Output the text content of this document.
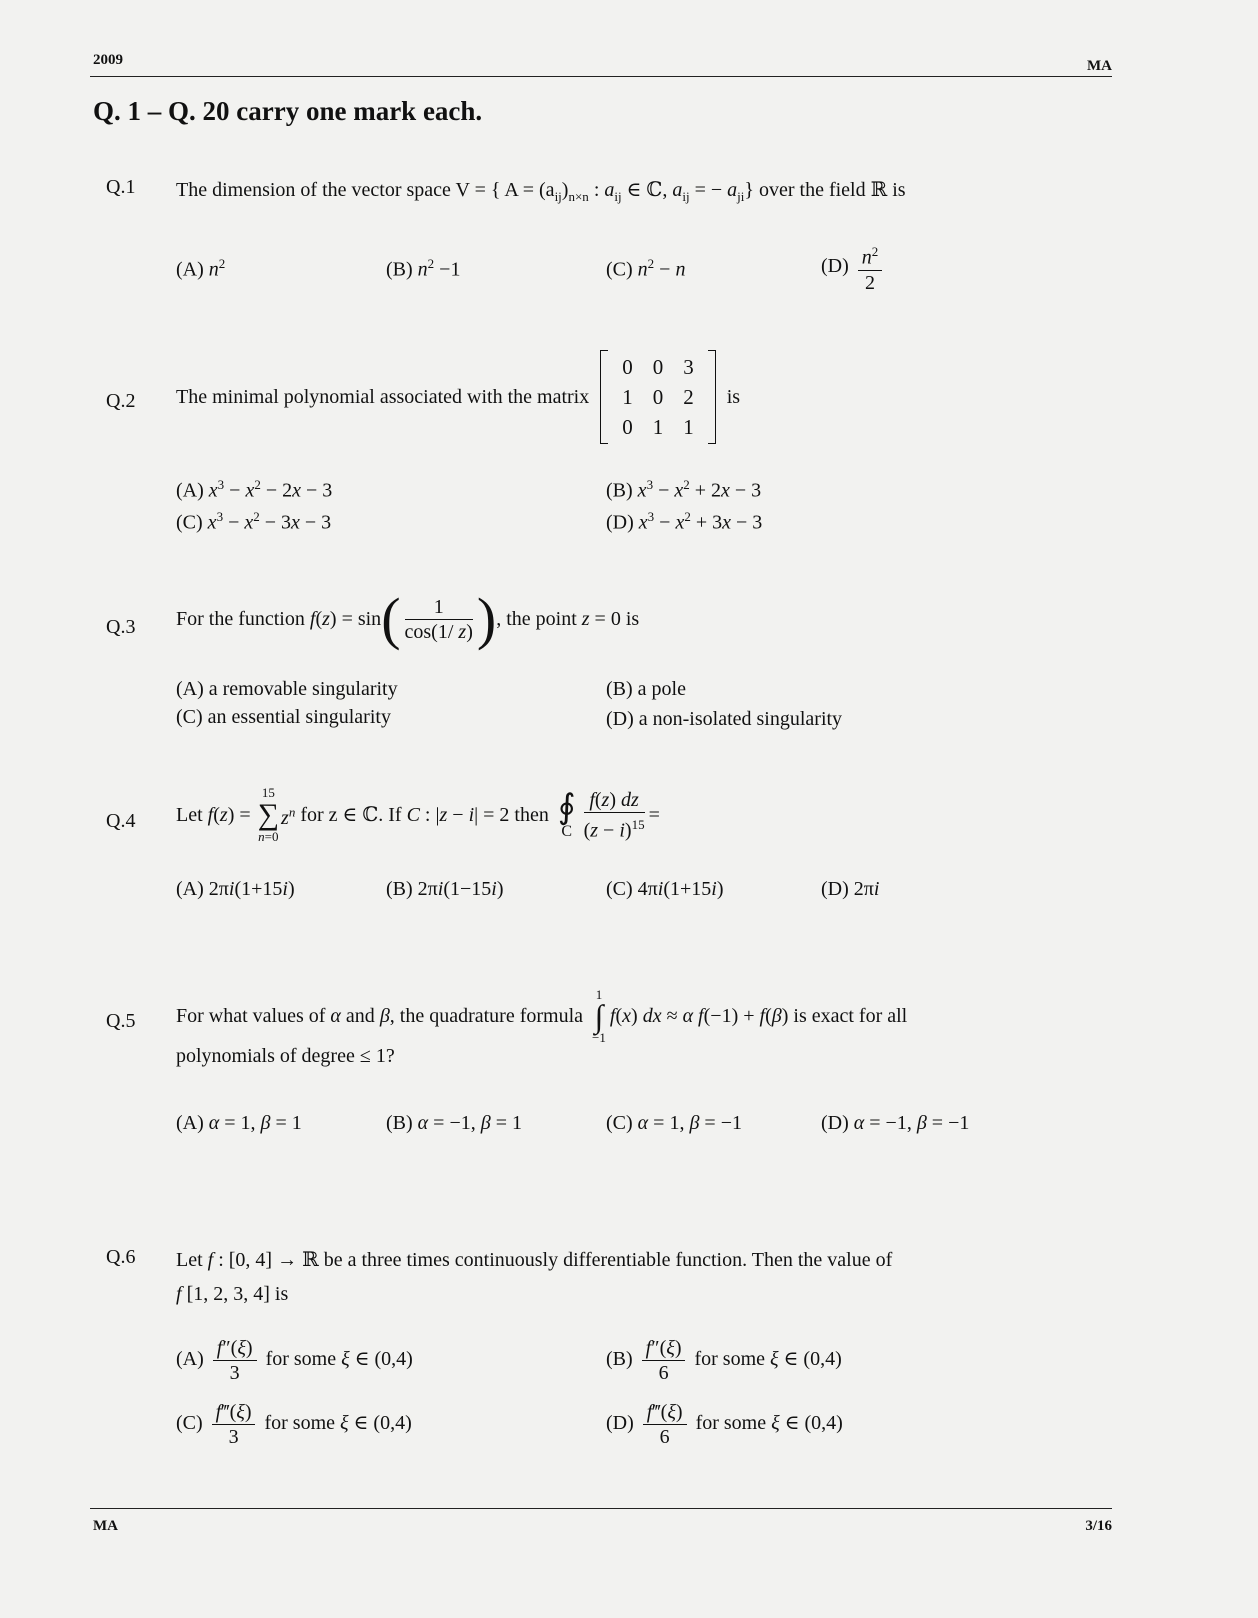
2009	MA
Q. 1 – Q. 20 carry one mark each.
Q.1 The dimension of the vector space V = { $A = (a_{ij})_{n\times n}$ : $a_{ij}$ ∈ ℂ, $a_{ij}$ = − $a_{ji}$} over the field ℝ is
(A) $n^2$	(B) $n^2 -1$	(C) $n^2 - n$	$(D) \frac{n^2}{2}$
Q.2 The minimal polynomial associated with the matrix
0	0	3
1	0	2
0	1	1
is
(A) $x^3 - x^2 - 2x - 3$	(B) $x^3 - x^2 + 2x - 3$
(C) $x^3 - x^2 - 3x - 3$	(D) $x^3 - x^2 + 3x - 3$
Q.3 For the function $f(z) = \sin( \frac{1}{\cos(1/ z)}$ ), the point z = 0 is
(A) a removable singularity	(B) a pole
(C) an essential singularity	(D) a non-isolated singularity
Q.4 Let f(z) =
15
∑
n=0
$z^n$ for z ∈ ℂ. If C : |z − i| = 2 then ∮
C $\frac{f(z) dz}{(z - i)^{15}}$ =
(A) 2πi(1+15i)	(B) 2πi(1−15i)	(C) 4πi(1+15i)	(D) 2πi
Q.5 For what values of α and β, the quadrature formula
1
∫
−1
f(x) dx ≈ α f(−1) + f(β) is exact for all
polynomials of degree ≤ 1?
(A) α = 1, β = 1	(B) α = −1, β = 1	(C) α = 1, β = −1	(D) α = −1, β = −1
Q.6 Let f : [0, 4] → ℝ be a three times continuously differentiable function. Then the value of
f [1, 2, 3, 4] is
$(A) \frac{f''(\xi)}{3}$ for some ξ ∈ (0,4)	$(B) \frac{f''(\xi)}{6}$ for some ξ ∈ (0,4)
$(C) \frac{f‴(\xi)}{3}$ for some ξ ∈ (0,4)	$(D) \frac{f‴(\xi)}{6}$ for some ξ ∈ (0,4)
MA	3/16
